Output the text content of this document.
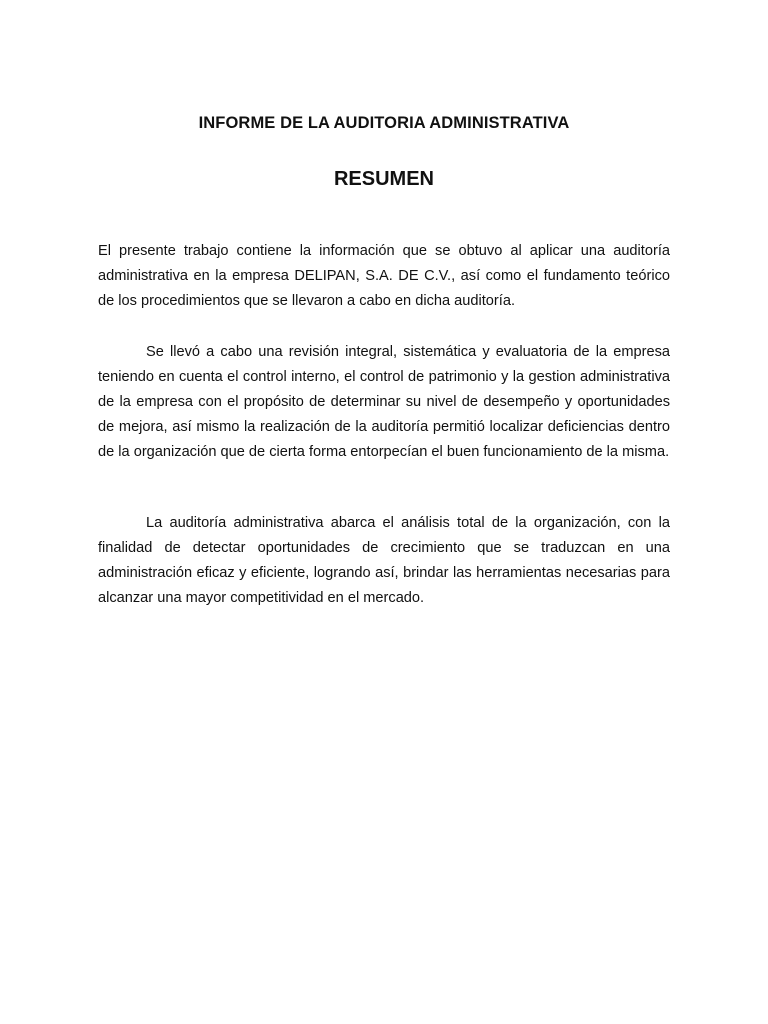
INFORME DE LA AUDITORIA ADMINISTRATIVA
RESUMEN

El presente trabajo contiene la información que se obtuvo al aplicar una auditoría administrativa en la empresa DELIPAN, S.A. DE C.V., así como el fundamento teórico de los procedimientos que se llevaron a cabo en dicha auditoría.

Se llevó a cabo una revisión integral, sistemática y evaluatoria de la empresa teniendo en cuenta el control interno, el control de patrimonio y la gestion administrativa de la empresa con el propósito de determinar su nivel de desempeño y oportunidades de mejora, así mismo la realización de la auditoría permitió localizar deficiencias dentro de la organización que de cierta forma entorpecían el buen funcionamiento de la misma.

La auditoría administrativa abarca el análisis total de la organización, con la finalidad de detectar oportunidades de crecimiento que se traduzcan en una administración eficaz y eficiente, logrando así, brindar las herramientas necesarias para alcanzar una mayor competitividad en el mercado.
